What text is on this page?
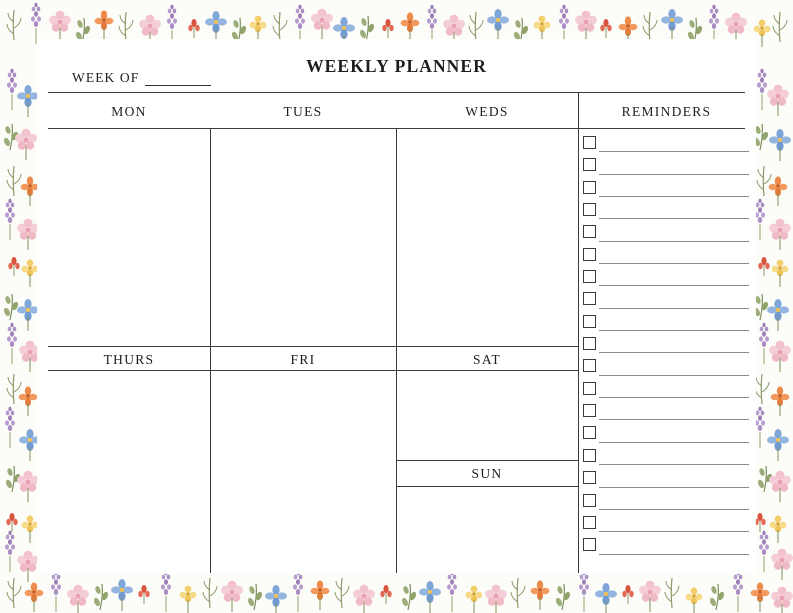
WEEKLY PLANNER
WEEK OF
MON	TUES	WEDS	REMINDERS
THURS	FRI	SAT
SUN
